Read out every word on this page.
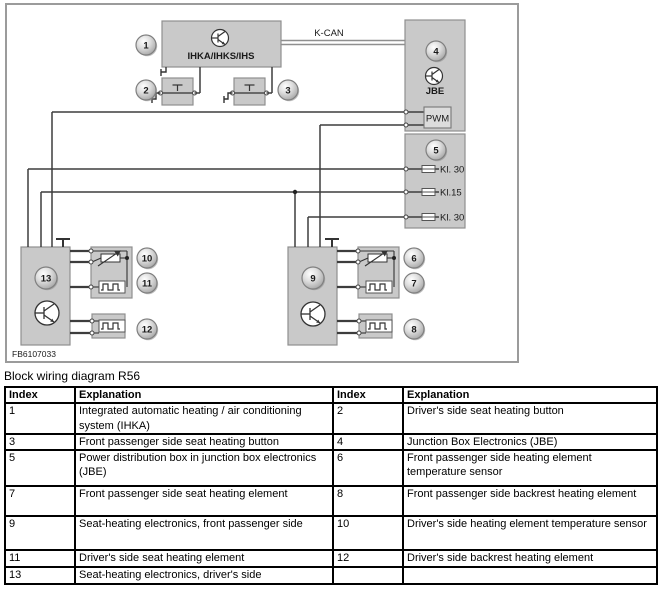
1
2	3
4
5
6
7
8
9
10
11
12
13
IHKA/IHKS/IHS
JBE
PWM
K-CAN
Kl. 30
Kl.15
Kl. 30
FB6107033
Block wiring diagram R56
Index	Explanation	Index	Explanation
1	Integrated automatic heating / air conditioning system (IHKA)	2	Driver's side seat heating button
3	Front passenger side seat heating button	4	Junction Box Electronics (JBE)
5	Power distribution box in junction box electronics (JBE)	6	Front passenger side heating element temperature sensor
7	Front passenger side seat heating element	8	Front passenger side backrest heating element
9	Seat-heating electronics, front passenger side	10	Driver's side heating element temperature sensor
11	Driver's side seat heating element	12	Driver's side backrest heating element
13	Seat-heating electronics, driver's side		
